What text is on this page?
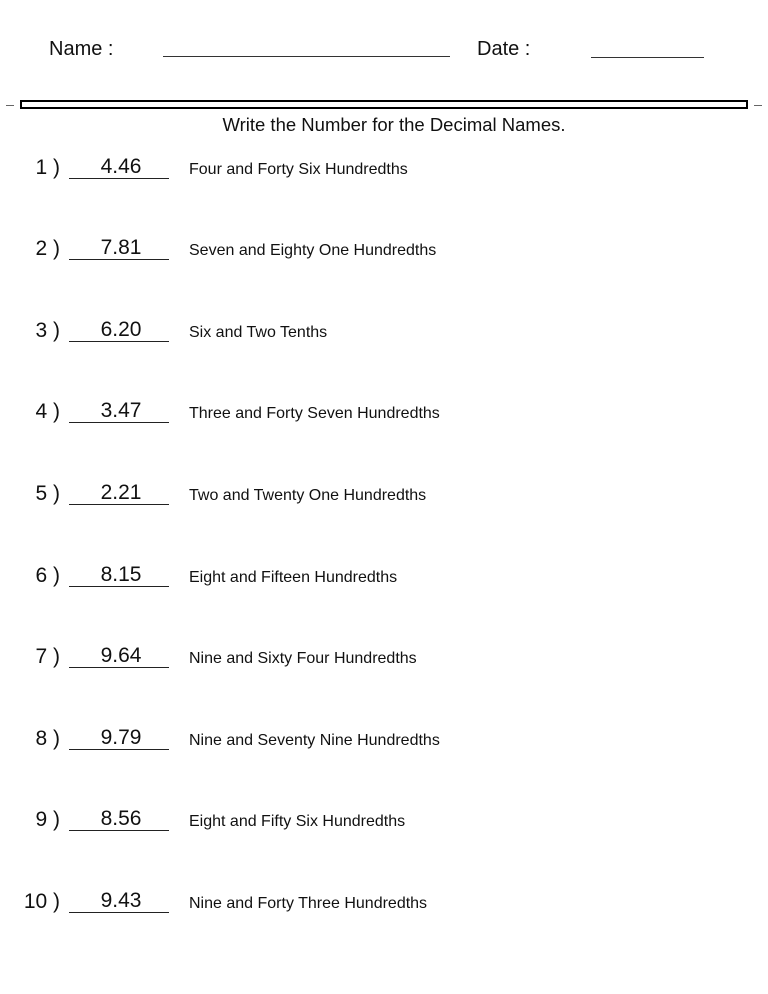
Name :	Date :
Write the Number for the Decimal Names.
1 )	4.46	Four and Forty Six Hundredths
2 )	7.81	Seven and Eighty One Hundredths
3 )	6.20	Six and Two Tenths
4 )	3.47	Three and Forty Seven Hundredths
5 )	2.21	Two and Twenty One Hundredths
6 )	8.15	Eight and Fifteen Hundredths
7 )	9.64	Nine and Sixty Four Hundredths
8 )	9.79	Nine and Seventy Nine Hundredths
9 )	8.56	Eight and Fifty Six Hundredths
10 )	9.43	Nine and Forty Three Hundredths
